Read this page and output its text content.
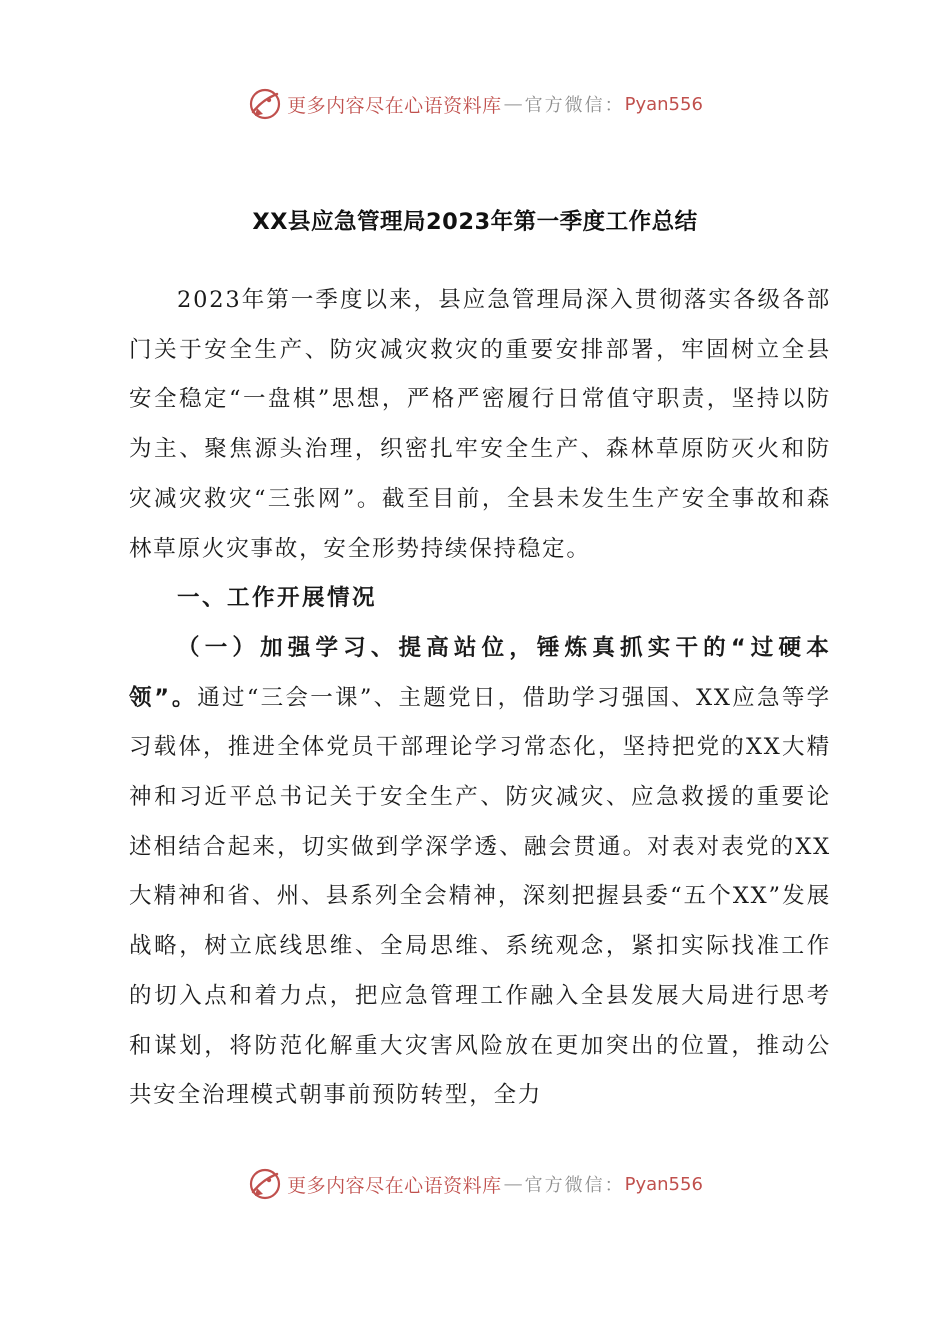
更多内容尽在心语资料库 — 官方微信： Pyan556
XX县应急管理局2023年第一季度工作总结

2023年第一季度以来，县应急管理局深入贯彻落实各级各部门关于安全生产、防灾减灾救灾的重要安排部署，牢固树立全县安全稳定“一盘棋”思想，严格严密履行日常值守职责，坚持以防为主、聚焦源头治理，织密扎牢安全生产、森林草原防灭火和防灾减灾救灾“三张网”。截至目前，全县未发生生产安全事故和森林草原火灾事故，安全形势持续保持稳定。

一、工作开展情况

（一）加强学习、提高站位，锤炼真抓实干的“过硬本领”。通过“三会一课”、主题党日，借助学习强国、XX应急等学习载体，推进全体党员干部理论学习常态化，坚持把党的XX大精神和习近平总书记关于安全生产、防灾减灾、应急救援的重要论述相结合起来，切实做到学深学透、融会贯通。对表对表党的XX大精神和省、州、县系列全会精神，深刻把握县委“五个XX”发展战略，树立底线思维、全局思维、系统观念，紧扣实际找准工作的切入点和着力点，把应急管理工作融入全县发展大局进行思考和谋划，将防范化解重大灾害风险放在更加突出的位置，推动公共安全治理模式朝事前预防转型，全力

更多内容尽在心语资料库 — 官方微信： Pyan556
